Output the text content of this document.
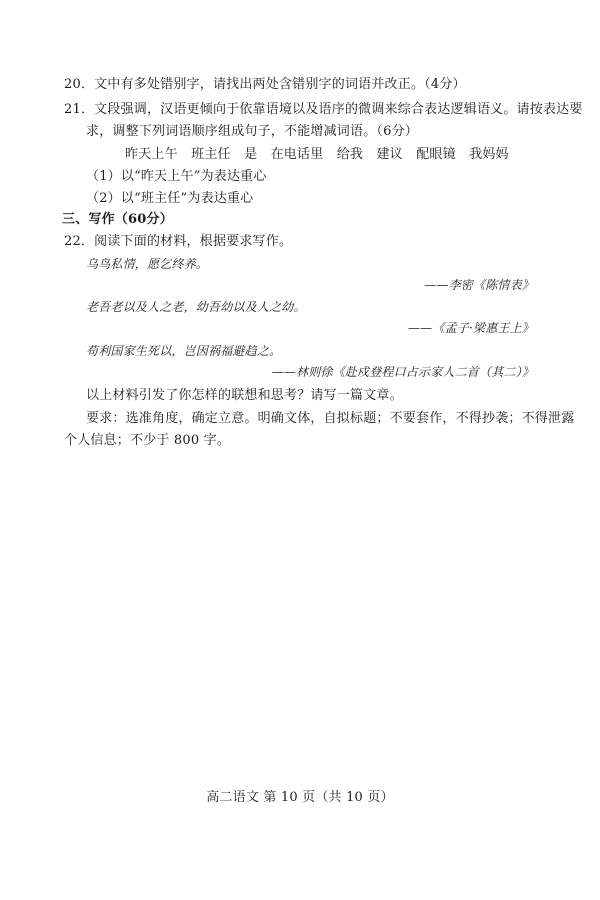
20．文中有多处错别字，请找出两处含错别字的词语并改正。（4分）
21．文段强调，汉语更倾向于依靠语境以及语序的微调来综合表达逻辑语义。请按表达要
求，调整下列词语顺序组成句子，不能增减词语。（6分）
昨天上午 班主任 是 在电话里 给我 建议 配眼镜 我妈妈
（1）以“昨天上午”为表达重心
（2）以“班主任”为表达重心
三、写作（60分）
22．阅读下面的材料，根据要求写作。
乌鸟私情，愿乞终养。
——李密《陈情表》
老吾老以及人之老，幼吾幼以及人之幼。
——《孟子·梁惠王上》
苟利国家生死以，岂因祸福避趋之。
——林则徐《赴戍登程口占示家人二首（其二）》
以上材料引发了你怎样的联想和思考？请写一篇文章。
要求：选准角度，确定立意。明确文体，自拟标题；不要套作，不得抄袭；不得泄露
个人信息；不少于 800 字。
高二语文 第 10 页（共 10 页）
